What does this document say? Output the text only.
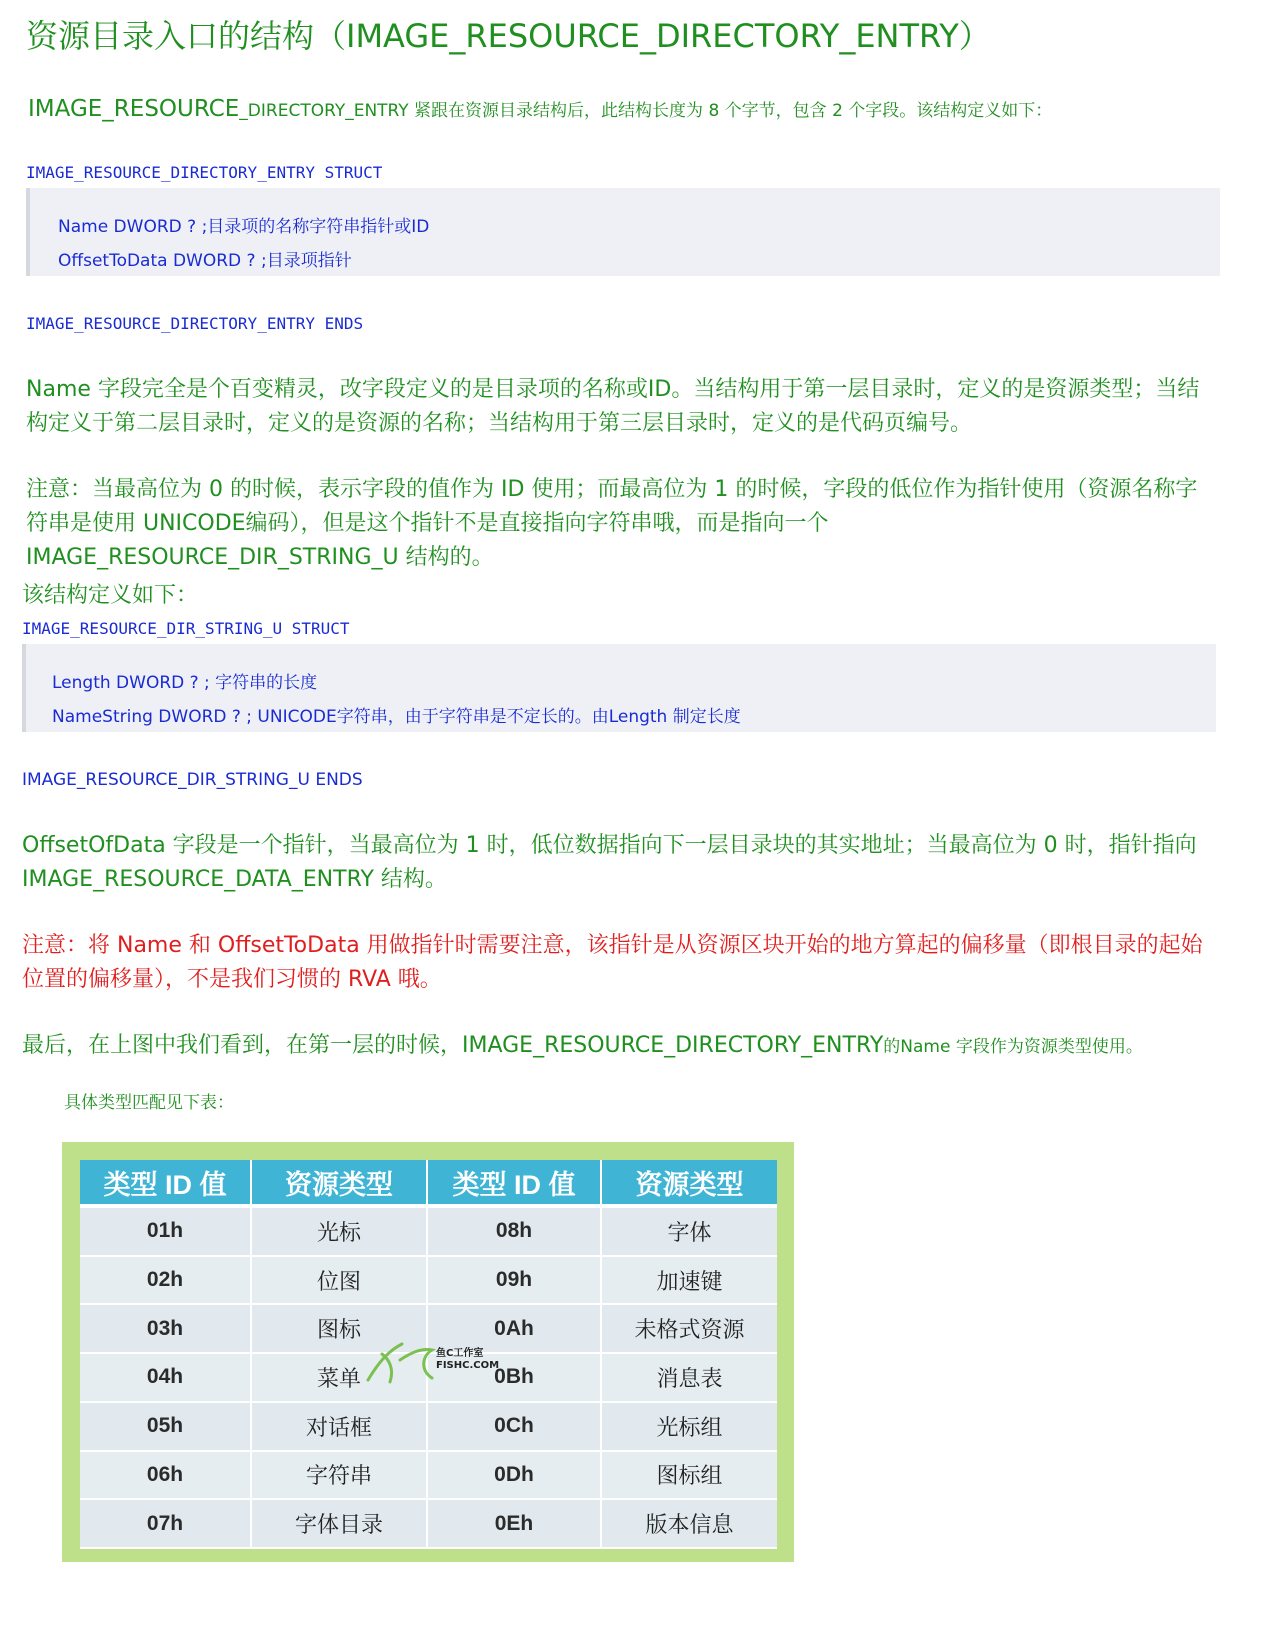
资源目录入口的结构（IMAGE_RESOURCE_DIRECTORY_ENTRY）
IMAGE_RESOURCE_DIRECTORY_ENTRY 紧跟在资源目录结构后，此结构长度为 8 个字节，包含 2 个字段。该结构定义如下：
IMAGE_RESOURCE_DIRECTORY_ENTRY STRUCT
Name DWORD ? ;目录项的名称字符串指针或ID
OffsetToData DWORD ? ;目录项指针
IMAGE_RESOURCE_DIRECTORY_ENTRY ENDS
Name 字段完全是个百变精灵，改字段定义的是目录项的名称或ID。当结构用于第一层目录时，定义的是资源类型；当结
构定义于第二层目录时，定义的是资源的名称；当结构用于第三层目录时，定义的是代码页编号。
注意：当最高位为 0 的时候，表示字段的值作为 ID 使用；而最高位为 1 的时候，字段的低位作为指针使用（资源名称字
符串是使用 UNICODE编码），但是这个指针不是直接指向字符串哦，而是指向一个
IMAGE_RESOURCE_DIR_STRING_U 结构的。
该结构定义如下：
IMAGE_RESOURCE_DIR_STRING_U STRUCT
Length DWORD ? ; 字符串的长度
NameString DWORD ? ; UNICODE字符串，由于字符串是不定长的。由Length 制定长度
IMAGE_RESOURCE_DIR_STRING_U ENDS
OffsetOfData 字段是一个指针，当最高位为 1 时，低位数据指向下一层目录块的其实地址；当最高位为 0 时，指针指向
IMAGE_RESOURCE_DATA_ENTRY 结构。
注意：将 Name 和 OffsetToData 用做指针时需要注意，该指针是从资源区块开始的地方算起的偏移量（即根目录的起始
位置的偏移量），不是我们习惯的 RVA 哦。
最后，在上图中我们看到，在第一层的时候，IMAGE_RESOURCE_DIRECTORY_ENTRY的Name 字段作为资源类型使用。
具体类型匹配见下表：
类型 ID 值	资源类型	类型 ID 值	资源类型
01h	光标	08h	字体
02h	位图	09h	加速键
03h	图标	0Ah	未格式资源
04h	菜单	0Bh	消息表
05h	对话框	0Ch	光标组
06h	字符串	0Dh	图标组
07h	字体目录	0Eh	版本信息
鱼C工作室
FISHC.COM
